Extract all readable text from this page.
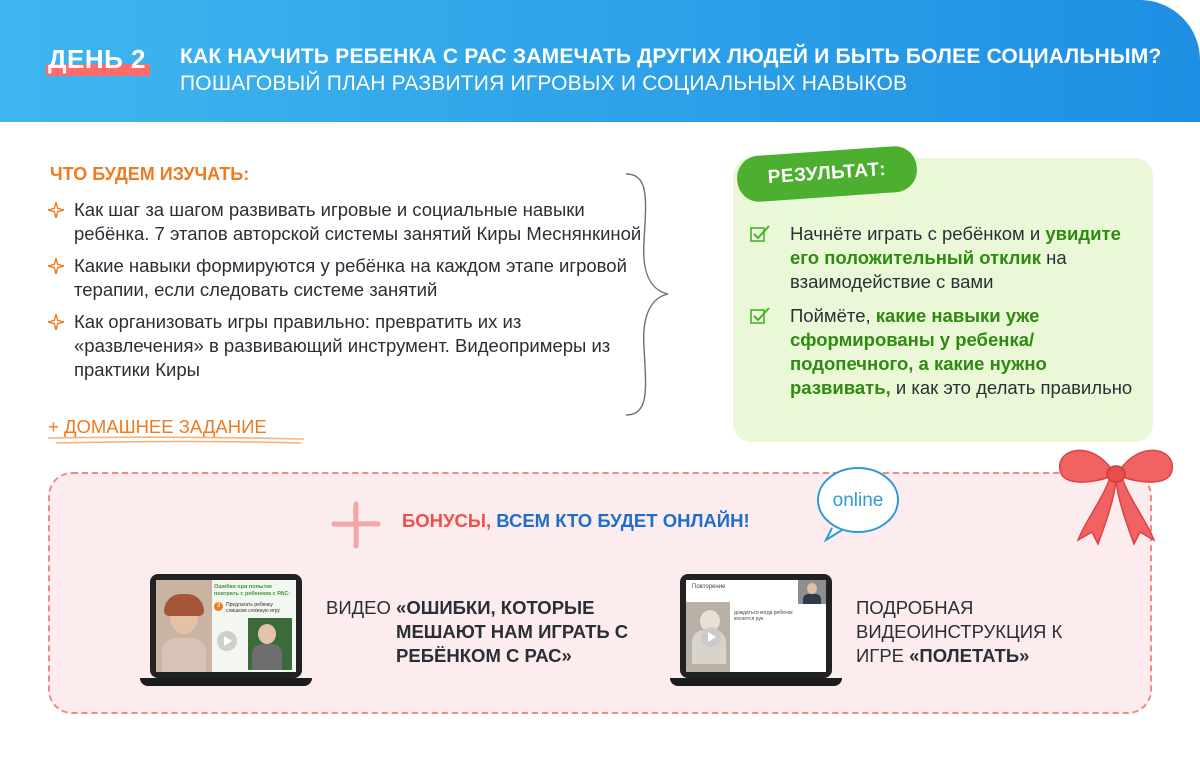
ДЕНЬ 2 КАК НАУЧИТЬ РЕБЕНКА С РАС ЗАМЕЧАТЬ ДРУГИХ ЛЮДЕЙ И БЫТЬ БОЛЕЕ СОЦИАЛЬНЫМ? ПОШАГОВЫЙ ПЛАН РАЗВИТИЯ ИГРОВЫХ И СОЦИАЛЬНЫХ НАВЫКОВ
ЧТО БУДЕМ ИЗУЧАТЬ:
Как шаг за шагом развивать игровые и социальные навыки ребёнка. 7 этапов авторской системы занятий Киры Меснянкиной
Какие навыки формируются у ребёнка на каждом этапе игровой терапии, если следовать системе занятий
Как организовать игры правильно: превратить их из «развлечения» в развивающий инструмент. Видеопримеры из практики Киры
+ ДОМАШНЕЕ ЗАДАНИЕ
РЕЗУЛЬТАТ:
Начнёте играть с ребёнком и увидите его положительный отклик на взаимодействие с вами
Поймёте, какие навыки уже сформированы у ребенка/ подопечного, а какие нужно развивать, и как это делать правильно
БОНУСЫ, ВСЕМ КТО БУДЕТ ОНЛАЙН!
online
Ошибки при попытке поиграть с ребенком с РАС:
3	Предлагать ребенку слишком сложную игру	ВИДЕО «ОШИБКИ, КОТОРЫЕ МЕШАЮТ НАМ ИГРАТЬ С РЕБЁНКОМ С РАС»
Повторение
дождаться когда ребенок коснется рук
ПОДРОБНАЯ ВИДЕОИНСТРУКЦИЯ К ИГРЕ «ПОЛЕТАТЬ»
